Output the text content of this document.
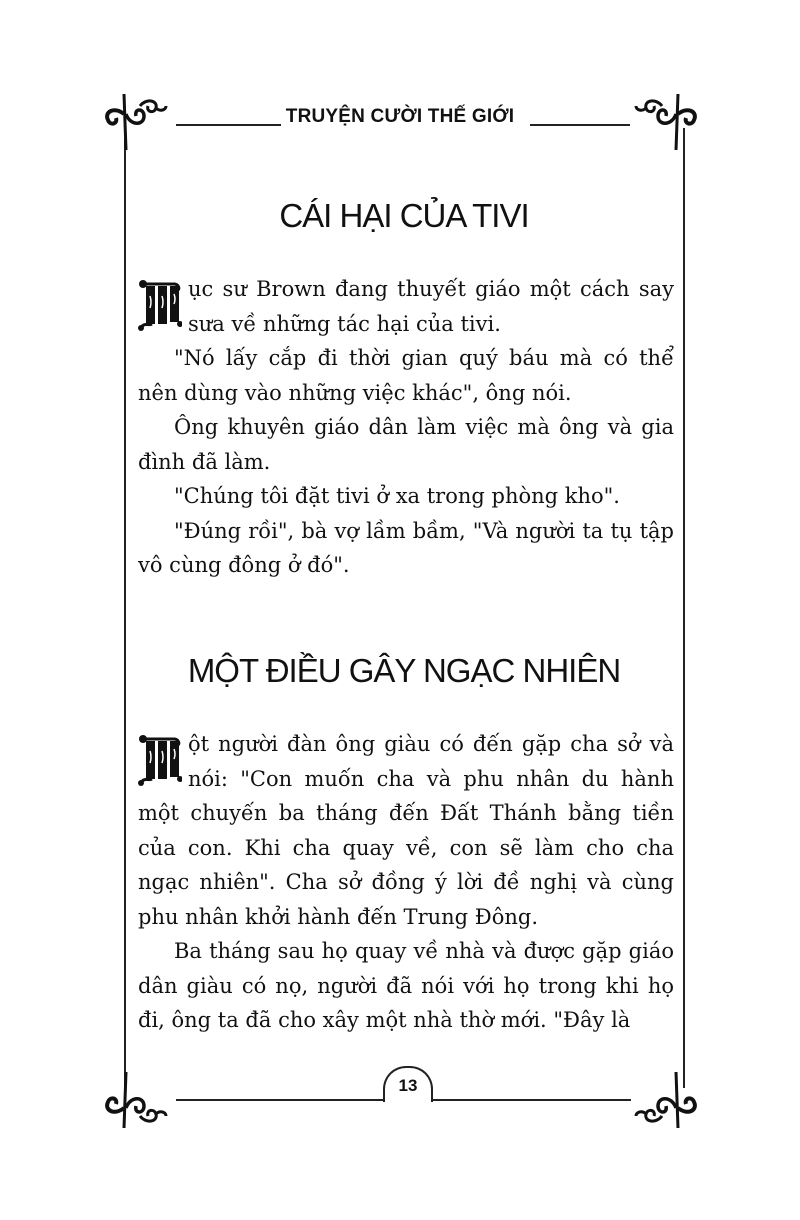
TRUYỆN CƯỜI THẾ GIỚI
CÁI HẠI CỦA TIVI

ục sư Brown đang thuyết giáo một cách say sưa về những tác hại của tivi.

"Nó lấy cắp đi thời gian quý báu mà có thể nên dùng vào những việc khác", ông nói.

Ông khuyên giáo dân làm việc mà ông và gia đình đã làm.

"Chúng tôi đặt tivi ở xa trong phòng kho".

"Đúng rồi", bà vợ lầm bầm, "Và người ta tụ tập vô cùng đông ở đó".

MỘT ĐIỀU GÂY NGẠC NHIÊN

ột người đàn ông giàu có đến gặp cha sở và nói: "Con muốn cha và phu nhân du hành một chuyến ba tháng đến Đất Thánh bằng tiền của con. Khi cha quay về, con sẽ làm cho cha ngạc nhiên". Cha sở đồng ý lời đề nghị và cùng phu nhân khởi hành đến Trung Đông.

Ba tháng sau họ quay về nhà và được gặp giáo dân giàu có nọ, người đã nói với họ trong khi họ đi, ông ta đã cho xây một nhà thờ mới. "Đây là

13
